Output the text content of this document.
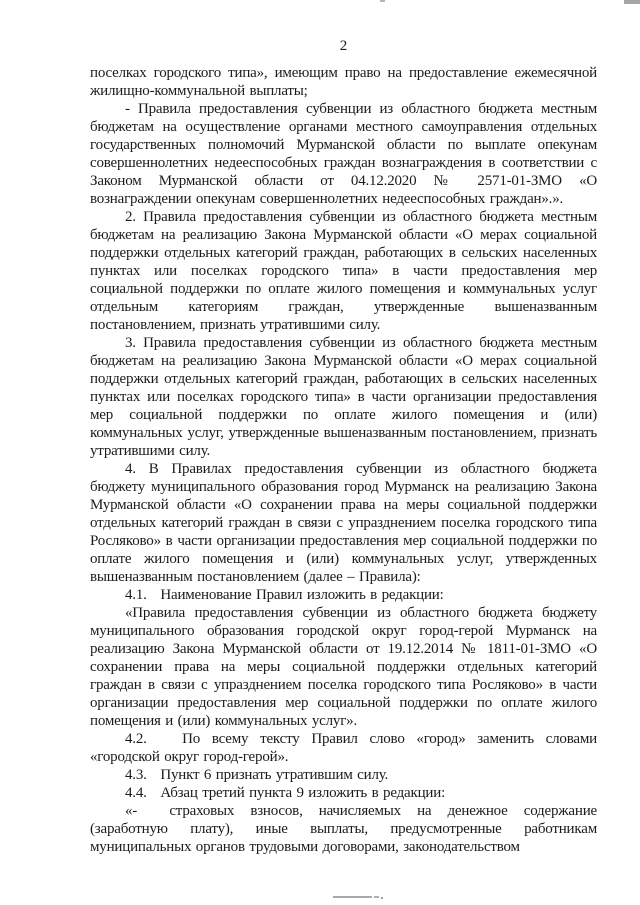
2

поселках городского типа», имеющим право на предоставление ежемесячной жилищно-коммунальной выплаты;

- Правила предоставления субвенции из областного бюджета местным бюджетам на осуществление органами местного самоуправления отдельных государственных полномочий Мурманской области по выплате опекунам совершеннолетних недееспособных граждан вознаграждения в соответствии с Законом Мурманской области от 04.12.2020 № 2571-01-ЗМО «О вознаграждении опекунам совершеннолетних недееспособных граждан».».

2. Правила предоставления субвенции из областного бюджета местным бюджетам на реализацию Закона Мурманской области «О мерах социальной поддержки отдельных категорий граждан, работающих в сельских населенных пунктах или поселках городского типа» в части предоставления мер социальной поддержки по оплате жилого помещения и коммунальных услуг отдельным категориям граждан, утвержденные вышеназванным постановлением, признать утратившими силу.

3. Правила предоставления субвенции из областного бюджета местным бюджетам на реализацию Закона Мурманской области «О мерах социальной поддержки отдельных категорий граждан, работающих в сельских населенных пунктах или поселках городского типа» в части организации предоставления мер социальной поддержки по оплате жилого помещения и (или) коммунальных услуг, утвержденные вышеназванным постановлением, признать утратившими силу.

4. В Правилах предоставления субвенции из областного бюджета бюджету муниципального образования город Мурманск на реализацию Закона Мурманской области «О сохранении права на меры социальной поддержки отдельных категорий граждан в связи с упразднением поселка городского типа Росляково» в части организации предоставления мер социальной поддержки по оплате жилого помещения и (или) коммунальных услуг, утвержденных вышеназванным постановлением (далее – Правила):

4.1.   Наименование Правил изложить в редакции:

«Правила предоставления субвенции из областного бюджета бюджету муниципального образования городской округ город-герой Мурманск на реализацию Закона Мурманской области от 19.12.2014 № 1811-01-ЗМО «О сохранении права на меры социальной поддержки отдельных категорий граждан в связи с упразднением поселка городского типа Росляково» в части организации предоставления мер социальной поддержки по оплате жилого помещения и (или) коммунальных услуг».

4.2.   По всему тексту Правил слово «город» заменить словами «городской округ город-герой».

4.3.   Пункт 6 признать утратившим силу.

4.4.   Абзац третий пункта 9 изложить в редакции:

«-  страховых взносов, начисляемых на денежное содержание (заработную плату), иные выплаты, предусмотренные работникам муниципальных органов трудовыми договорами, законодательством
